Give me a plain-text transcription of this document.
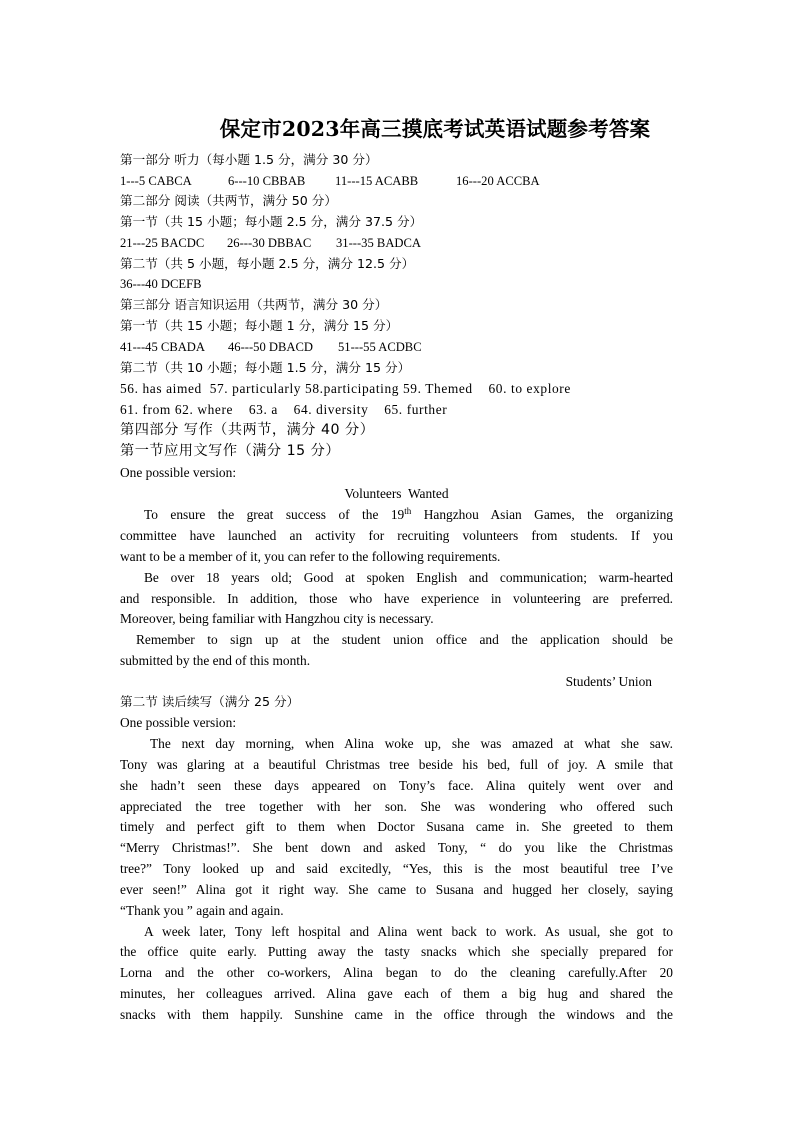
保定市2023年高三摸底考试英语试题参考答案
第一部分 听力（每小题 1.5 分，满分 30 分）
1---5 CABCA	6---10 CBBAB 11---15 ACABB	16---20 ACCBA
第二部分 阅读（共两节，满分 50 分）
第一节（共 15 小题；每小题 2.5 分，满分 37.5 分）
21---25 BACDC 26---30 DBBAC 31---35 BADCA
第二节（共 5 小题，每小题 2.5 分，满分 12.5 分）
36---40 DCEFB
第三部分 语言知识运用（共两节，满分 30 分）
第一节（共 15 小题；每小题 1 分，满分 15 分）
41---45 CBADA 46---50 DBACD 51---55 ACDBC
第二节（共 10 小题；每小题 1.5 分，满分 15 分）
56. has aimed  57. particularly 58.participating 59. Themed    60. to explore
61. from 62. where    63. a    64. diversity    65. further
第四部分 写作（共两节，满分 40 分）
第一节应用文写作（满分 15 分）
One possible version:
Volunteers  Wanted
To ensure the great success of the 19th Hangzhou Asian Games, the organizing
committee have launched an activity for recruiting volunteers from students. If you
want to be a member of it, you can refer to the following requirements.
Be over 18 years old; Good at spoken English and communication; warm-hearted
and responsible. In addition, those who have experience in volunteering are preferred.
Moreover, being familiar with Hangzhou city is necessary.
Remember to sign up at the student union office and the application should be
submitted by the end of this month.
Students’ Union
第二节 读后续写（满分 25 分）
One possible version:
The next day morning, when Alina woke up, she was amazed at what she saw.
Tony was glaring at a beautiful Christmas tree beside his bed, full of joy. A smile that
she hadn’t seen these days appeared on Tony’s face. Alina quitely went over and
appreciated the tree together with her son. She was wondering who offered such
timely and perfect gift to them when Doctor Susana came in. She greeted to them
“Merry Christmas!”. She bent down and asked Tony, “ do you like the Christmas
tree?” Tony looked up and said excitedly, “Yes, this is the most beautiful tree I’ve
ever seen!” Alina got it right way. She came to Susana and hugged her closely, saying
“Thank you ” again and again.
A week later, Tony left hospital and Alina went back to work. As usual, she got to
the office quite early. Putting away the tasty snacks which she specially prepared for
Lorna and the other co-workers, Alina began to do the cleaning carefully.After 20
minutes, her colleagues arrived. Alina gave each of them a big hug and shared the
snacks with them happily. Sunshine came in the office through the windows and the
